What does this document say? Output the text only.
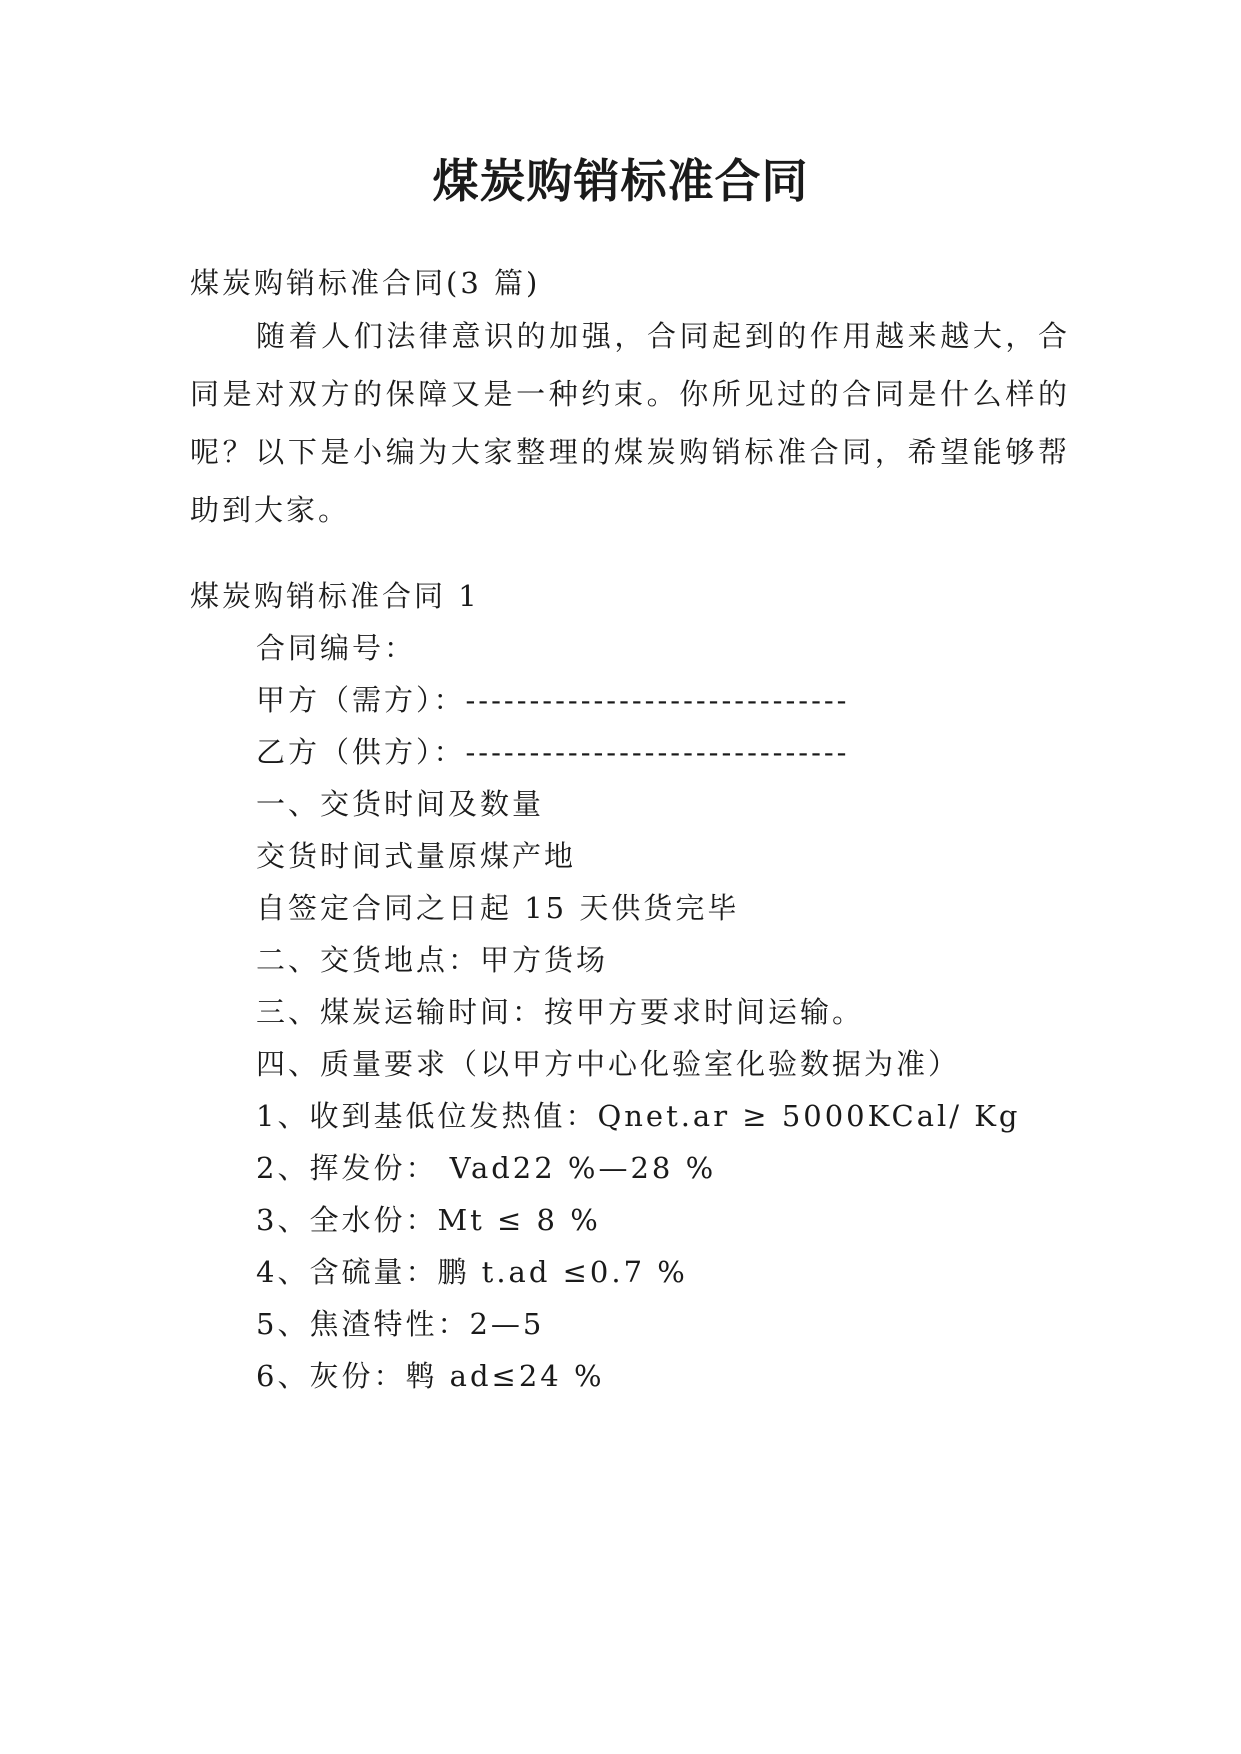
煤炭购销标准合同
煤炭购销标准合同(3 篇)
随着人们法律意识的加强，合同起到的作用越来越大，合同是对双方的保障又是一种约束。你所见过的合同是什么样的呢？以下是小编为大家整理的煤炭购销标准合同，希望能够帮助到大家。
煤炭购销标准合同 1
合同编号：
甲方（需方）：------------------------------
乙方（供方）：------------------------------
一、交货时间及数量
交货时间式量原煤产地
自签定合同之日起 15 天供货完毕
二、交货地点：甲方货场
三、煤炭运输时间：按甲方要求时间运输。
四、质量要求（以甲方中心化验室化验数据为准）
1、收到基低位发热值：Qnet.ar ≥ 5000KCal/ Kg
2、挥发份： Vad22 %—28 %
3、全水份：Mt ≤ 8 %
4、含硫量：鹏 t.ad ≤0.7 %
5、焦渣特性：2—5
6、灰份：鹎 ad≤24 %
